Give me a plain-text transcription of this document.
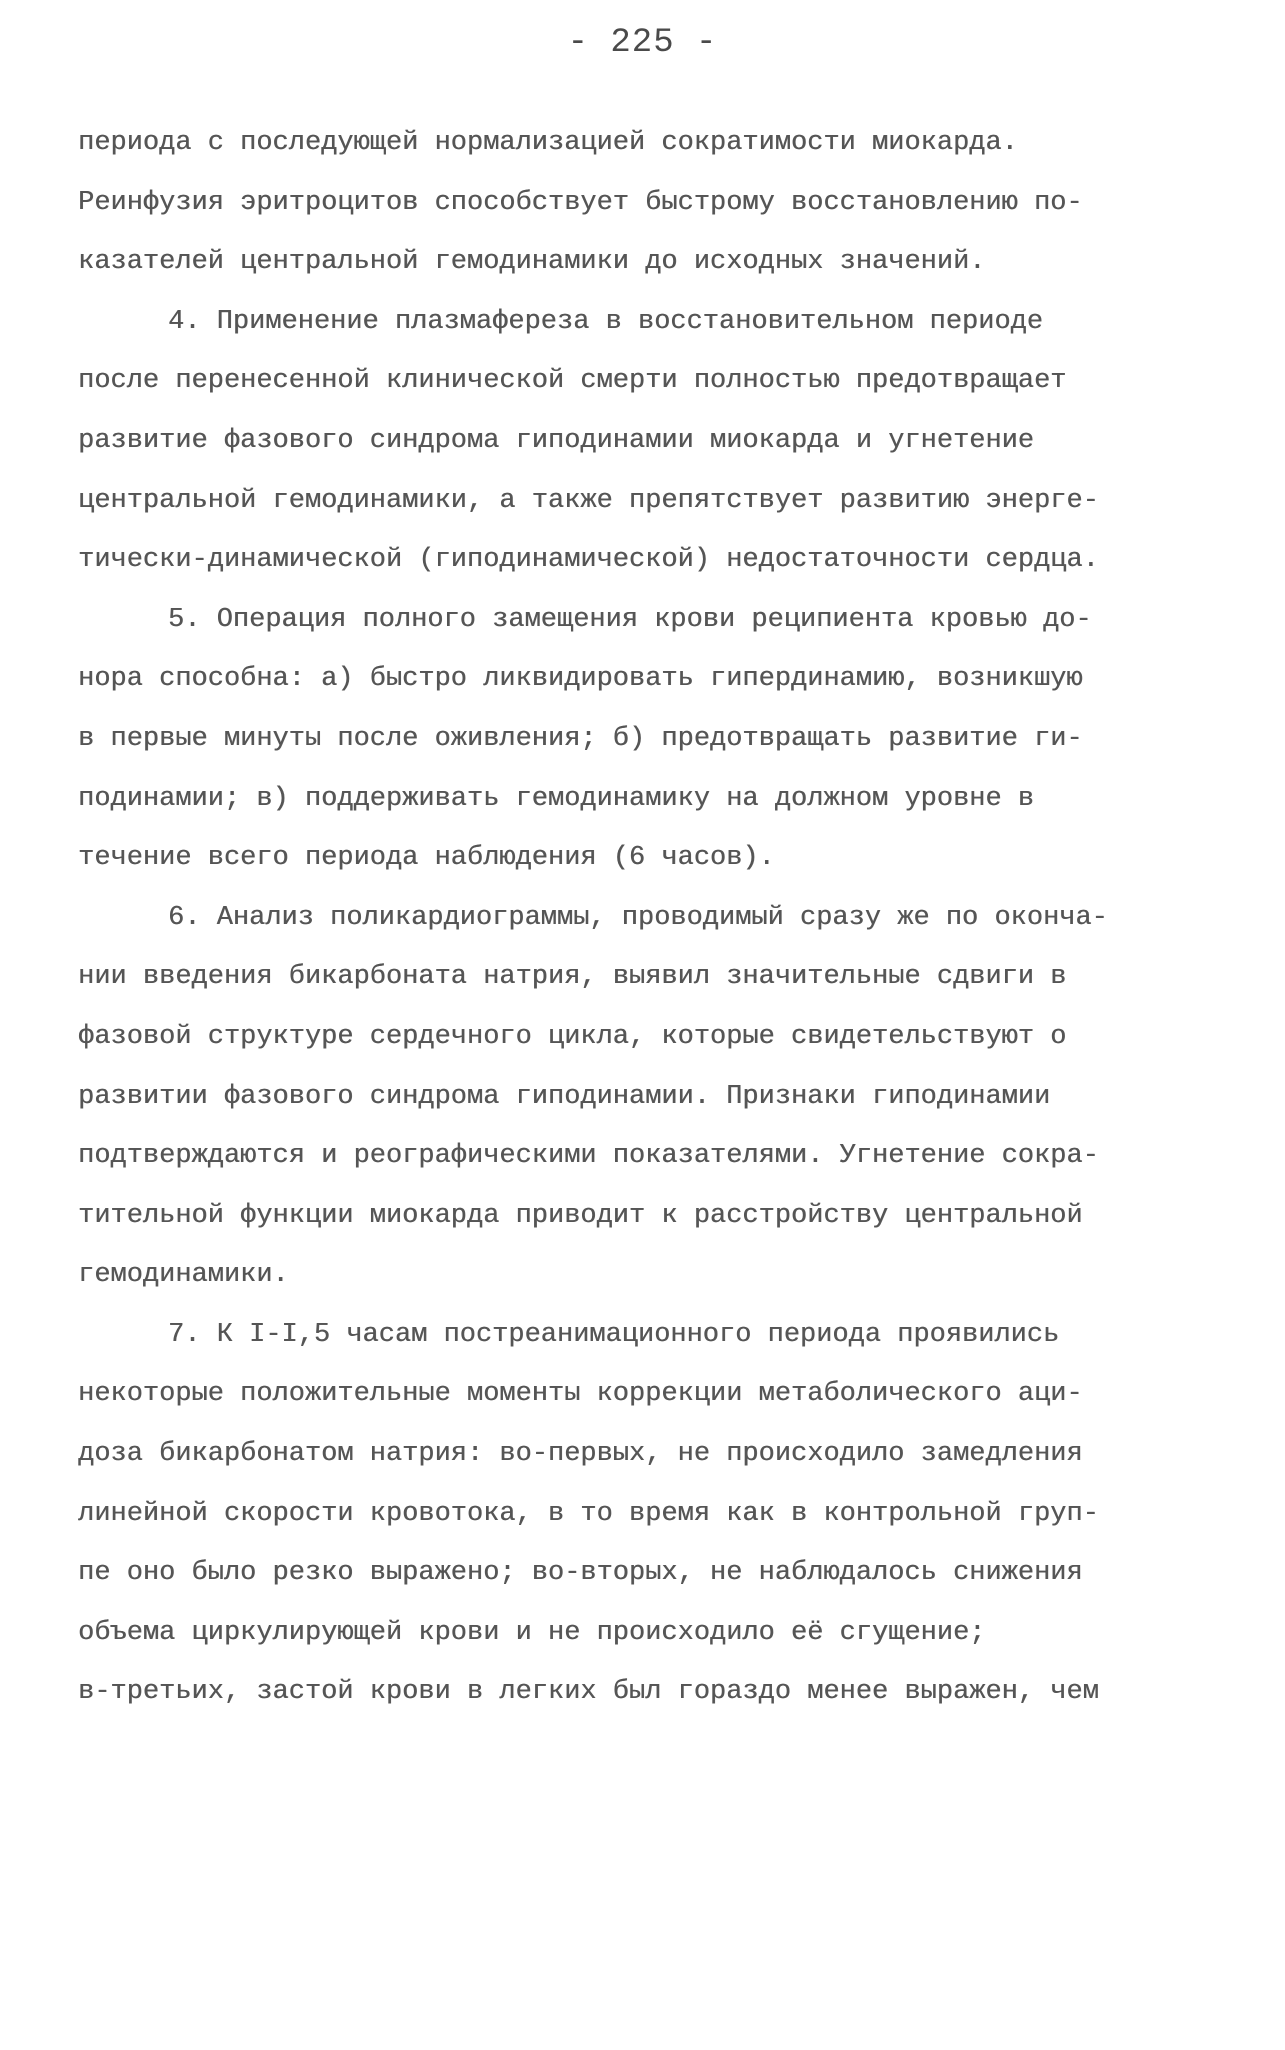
- 225 -
периода с последующей нормализацией сократимости миокарда.
Реинфузия эритроцитов способствует быстрому восстановлению по-
казателей центральной гемодинамики до исходных значений.
4. Применение плазмафереза в восстановительном периоде
после перенесенной клинической смерти полностью предотвращает
развитие фазового синдрома гиподинамии миокарда и угнетение
центральной гемодинамики, а также препятствует развитию энерге-
тически-динамической (гиподинамической) недостаточности сердца.
5. Операция полного замещения крови реципиента кровью до-
нора способна: а) быстро ликвидировать гипердинамию, возникшую
в первые минуты после оживления; б) предотвращать развитие ги-
подинамии; в) поддерживать гемодинамику на должном уровне в
течение всего периода наблюдения (6 часов).
6. Анализ поликардиограммы, проводимый сразу же по оконча-
нии введения бикарбоната натрия, выявил значительные сдвиги в
фазовой структуре сердечного цикла, которые свидетельствуют о
развитии фазового синдрома гиподинамии. Признаки гиподинамии
подтверждаются и реографическими показателями. Угнетение сокра-
тительной функции миокарда приводит к расстройству центральной
гемодинамики.
7. К I-I,5 часам постреанимационного периода проявились
некоторые положительные моменты коррекции метаболического аци-
доза бикарбонатом натрия: во-первых, не происходило замедления
линейной скорости кровотока, в то время как в контрольной груп-
пе оно было резко выражено; во-вторых, не наблюдалось снижения
объема циркулирующей крови и не происходило её сгущение;
в-третьих, застой крови в легких был гораздо менее выражен, чем
